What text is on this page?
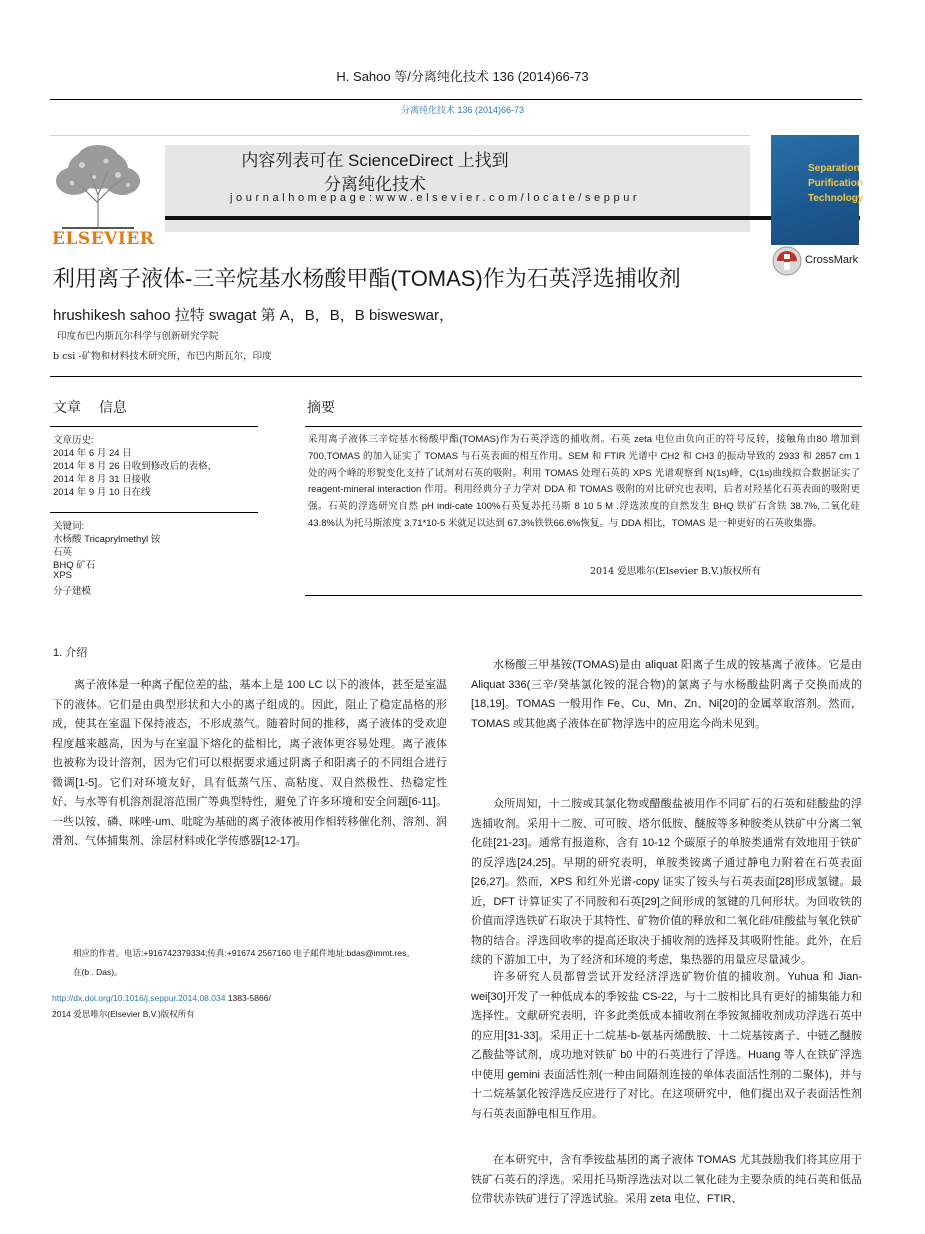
H. Sahoo 等/分离纯化技术 136 (2014)66-73
分离纯化技术 136 (2014)66-73
ELSEVIER
内容列表可在 ScienceDirect 上找到
分离纯化技术
journalhomepage:www.elsevier.com/locate/seppur
Separation
Purification
Technology
CrossMark
利用离子液体-三辛烷基水杨酸甲酯(TOMAS)作为石英浮选捕收剂
hrushikesh sahoo 拉特 swagat 第 A，B，B，B bisweswar，
印度布巴内斯瓦尔科学与创新研究学院
b csi -矿物和材料技术研究所，布巴内斯瓦尔，印度
文章　 信息
文章历史:
2014 年 6 月 24 日
2014 年 8 月 26 日收到修改后的表格，
2014 年 8 月 31 日接收
2014 年 9 月 10 日在线
关键词:
水杨酸 Tricaprylmethyl 铵
石英
BHQ 矿石
XPS
分子建模
摘要
采用离子液体三辛烷基水杨酸甲酯(TOMAS)作为石英浮选的捕收剂。石英 zeta 电位由负向正的符号反转，接触角由80 增加到 700,TOMAS 的加入证实了 TOMAS 与石英表面的相互作用。SEM 和 FTIR 光谱中 CH2 和 CH3 的振动导致的 2933 和 2857 cm 1 处的两个峰的形貌变化支持了试剂对石英的吸附。利用 TOMAS 处理石英的 XPS 光谱观察到 N(1s)峰，C(1s)曲线拟合数据证实了 reagent-mineral interaction 作用。利用经典分子力学对 DDA 和 TOMAS 吸附的对比研究也表明，后者对羟基化石英表面的吸附更强。石英的浮选研究自然 pH indi-cate 100%石英复苏托马斯 8 10 5 M .浮选浓度的自然发生 BHQ 铁矿石含铁 38.7%,二氧化硅 43.8%认为托马斯浓度 3.71*10-5 米就足以达到 67.3%铁铁66.6%恢复。与 DDA 相比，TOMAS 是一种更好的石英收集器。
2014 爱思唯尔(Elsevier B.V.)版权所有
1. 介绍

离子液体是一种离子配位差的盐，基本上是 100 LC 以下的液体，甚至是室温下的液体。它们是由典型形状和大小的离子组成的。因此，阻止了稳定晶格的形成，使其在室温下保持液态，不形成蒸气。随着时间的推移，离子液体的受欢迎程度越来越高，因为与在室温下熔化的盐相比，离子液体更容易处理。离子液体也被称为设计溶剂，因为它们可以根据要求通过阴离子和阳离子的不同组合进行微调[1-5]。它们对环境友好，具有低蒸气压、高粘度、双自然极性、热稳定性好、与水等有机溶剂混溶范围广等典型特性，避免了许多环境和安全问题[6-11]。一些以铵、磷、咪唑-um、吡啶为基础的离子液体被用作相转移催化剂、溶剂、润滑剂、气体捕集剂、涂层材料或化学传感器[12-17]。

相应的作者。电话:+916742379334;传真:+91674 2567160 电子邮件地址:bdas@immt.res。在(b . Das)。
http://dx.doi.org/10.1016/j.seppur.2014.08.034 1383-5866/
2014 爱思唯尔(Elsevier B.V.)版权所有

水杨酸三甲基铵(TOMAS)是由 aliquat 阳离子生成的铵基离子液体。它是由 Aliquat 336(三辛/癸基氯化铵的混合物)的氯离子与水杨酸盐阴离子交换而成的[18,19]。TOMAS 一般用作 Fe、Cu、Mn、Zn、Ni[20]的金属萃取溶剂。然而，TOMAS 或其他离子液体在矿物浮选中的应用迄今尚未见到。

众所周知，十二胺或其氯化物或醋酸盐被用作不同矿石的石英和硅酸盐的浮选捕收剂。采用十二胺、可可胺、塔尔低胺、醚胺等多种胺类从铁矿中分离二氧化硅[21-23]。通常有报道称，含有 10-12 个碳原子的单胺类通常有效地用于铁矿的反浮选[24,25]。早期的研究表明，单胺类铵离子通过静电力附着在石英表面[26,27]。然而，XPS 和红外光谱-copy 证实了铵头与石英表面[28]形成氢键。最近，DFT 计算证实了不同胺和石英[29]之间形成的氢键的几何形状。为回收铁的价值而浮选铁矿石取决于其特性、矿物价值的释放和二氧化硅/硅酸盐与氧化铁矿物的结合。浮选回收率的提高还取决于捕收剂的选择及其吸附性能。此外，在后续的下游加工中，为了经济和环境的考虑，集热器的用量应尽量减少。

许多研究人员都曾尝试开发经济浮选矿物价值的捕收剂。Yuhua 和 Jian-wei[30]开发了一种低成本的季铵盐 CS-22，与十二胺相比具有更好的捕集能力和选择性。文献研究表明，许多此类低成本捕收剂在季铵氮捕收剂成功浮选石英中的应用[31-33]。采用正十二烷基-b-氨基丙烯酰胺、十二烷基铵离子、中链乙醚胺乙酸盐等试剂，成功地对铁矿 b0 中的石英进行了浮选。Huang 等人在铁矿浮选中使用 gemini 表面活性剂(一种由间隔剂连接的单体表面活性剂的二聚体)，并与十二烷基氯化铵浮选反应进行了对比。在这项研究中，他们提出双子表面活性剂与石英表面静电相互作用。

在本研究中，含有季铵盐基团的离子液体 TOMAS 尤其鼓励我们将其应用于铁矿石英石的浮选。采用托马斯浮选法对以二氧化硅为主要杂质的纯石英和低品位带状赤铁矿进行了浮选试验。采用 zeta 电位、FTIR、
